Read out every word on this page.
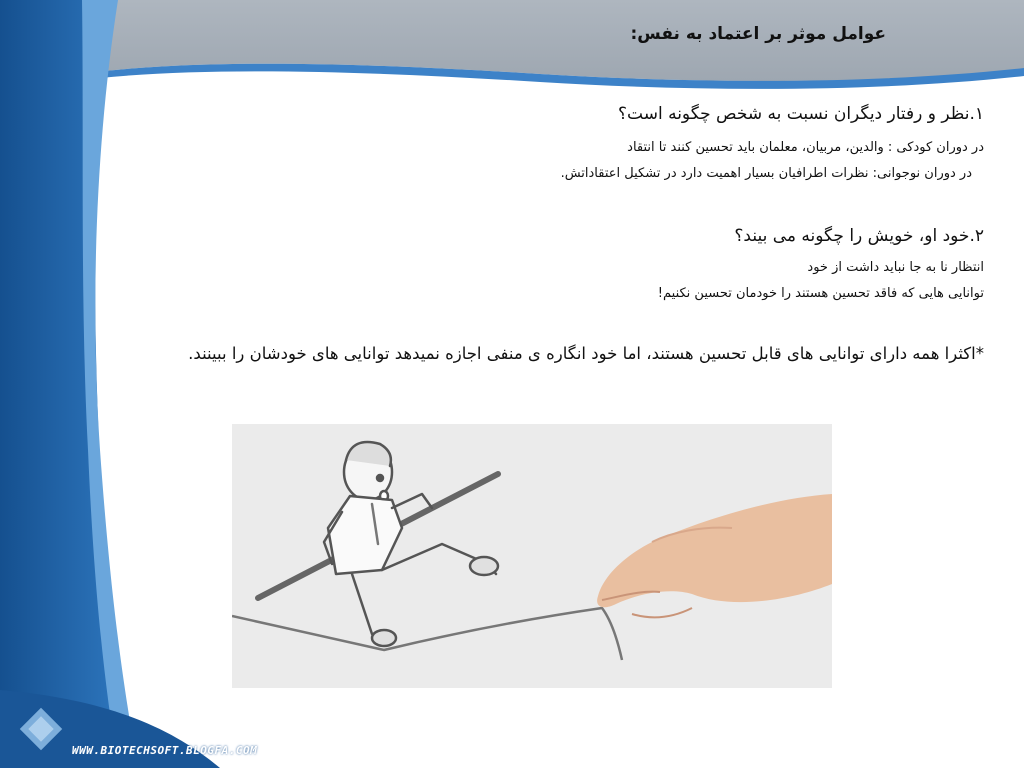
عوامل موثر بر اعتماد به نفس:
۱.نظر و رفتار دیگران نسبت به شخص چگونه است؟
در دوران کودکی : والدین، مربیان، معلمان باید تحسین کنند تا انتقاد
در دوران نوجوانی: نظرات اطرافیان بسیار اهمیت دارد در تشکیل اعتقاداتش.
۲.خود او، خویش را چگونه می بیند؟
انتظار نا به جا نباید داشت از خود
توانایی هایی که فاقد تحسین هستند را خودمان تحسین نکنیم!
*اکثرا همه دارای توانایی های قابل تحسین هستند، اما خود انگاره ی منفی اجازه نمیدهد توانایی های خودشان را ببینند.
WWW.BIOTECHSOFT.BLOGFA.COM
